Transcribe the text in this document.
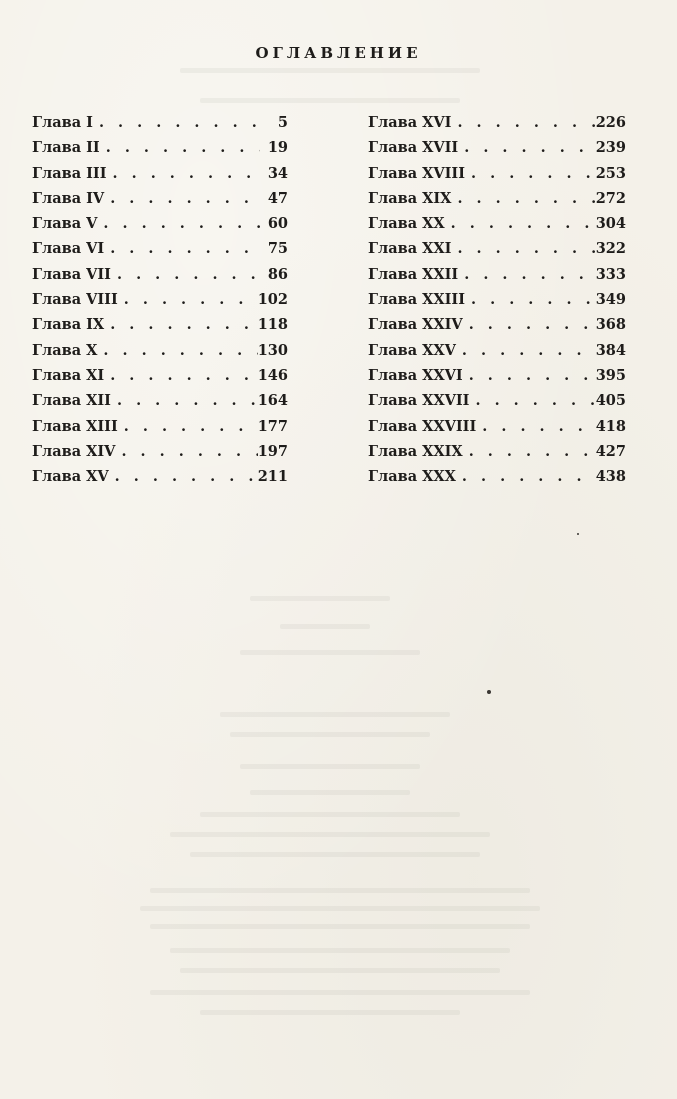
ОГЛАВЛЕНИЕ
Глава I . . .	5
Глава II . . .	19
Глава III . . .	34
Глава IV . . .	47
Глава V . . .	60
Глава VI . . .	75
Глава VII . . .	86
Глава VIII . . .	102
Глава IX . . .	118
Глава X . . .	130
Глава XI . . .	146
Глава XII . . .	164
Глава XIII . . .	177
Глава XIV . . .	197
Глава XV . . .	211
Глава XVI . . .	226
Глава XVII . . .	239
Глава XVIII . . .	253
Глава XIX . . .	272
Глава XX . . .	304
Глава XXI . . .	322
Глава XXII . . .	333
Глава XXIII . . .	349
Глава XXIV . . .	368
Глава XXV . . .	384
Глава XXVI . . .	395
Глава XXVII . . .	405
Глава XXVIII . . .	418
Глава XXIX . . .	427
Глава XXX . . .	438
